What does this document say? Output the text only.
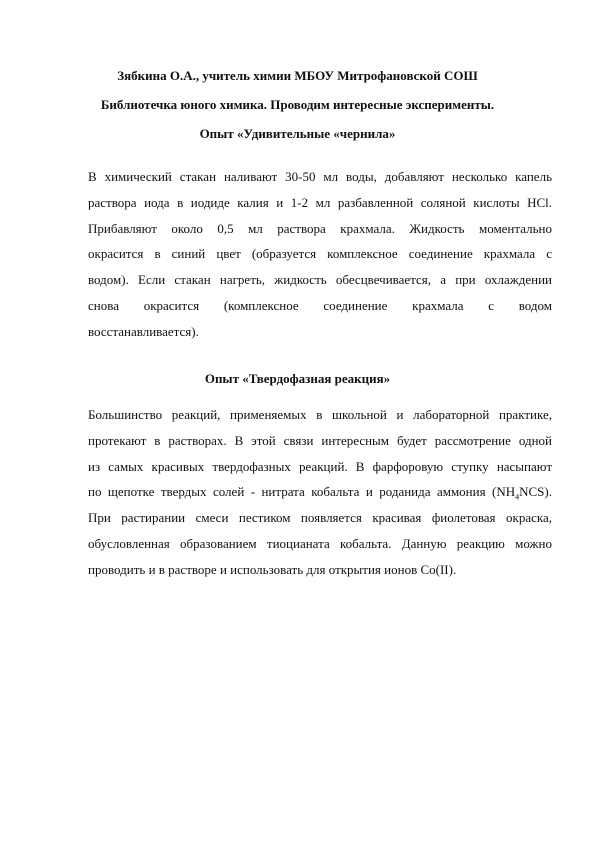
Зябкина О.А., учитель химии МБОУ Митрофановской СОШ
Библиотечка юного химика. Проводим интересные эксперименты.
Опыт «Удивительные «чернила»
В химический стакан наливают 30-50 мл воды, добавляют несколько капель
раствора иода в иодиде калия и 1-2 мл разбавленной соляной кислоты HCl.
Прибавляют около 0,5 мл раствора крахмала. Жидкость моментально
окрасится в синий цвет (образуется комплексное соединение крахмала с
водом). Если стакан нагреть, жидкость обесцвечивается, а при охлаждении
снова окрасится (комплексное соединение крахмала с водом
восстанавливается).
Опыт «Твердофазная реакция»
Большинство реакций, применяемых в школьной и лабораторной практике,
протекают в растворах. В этой связи интересным будет рассмотрение одной
из самых красивых твердофазных реакций. В фарфоровую ступку насыпают
по щепотке твердых солей - нитрата кобальта и роданида аммония $(NH_4NCS)$.
При растирании смеси пестиком появляется красивая фиолетовая окраска,
обусловленная образованием тиоцианата кобальта. Данную реакцию можно
проводить и в растворе и использовать для открытия ионов Co(II).
